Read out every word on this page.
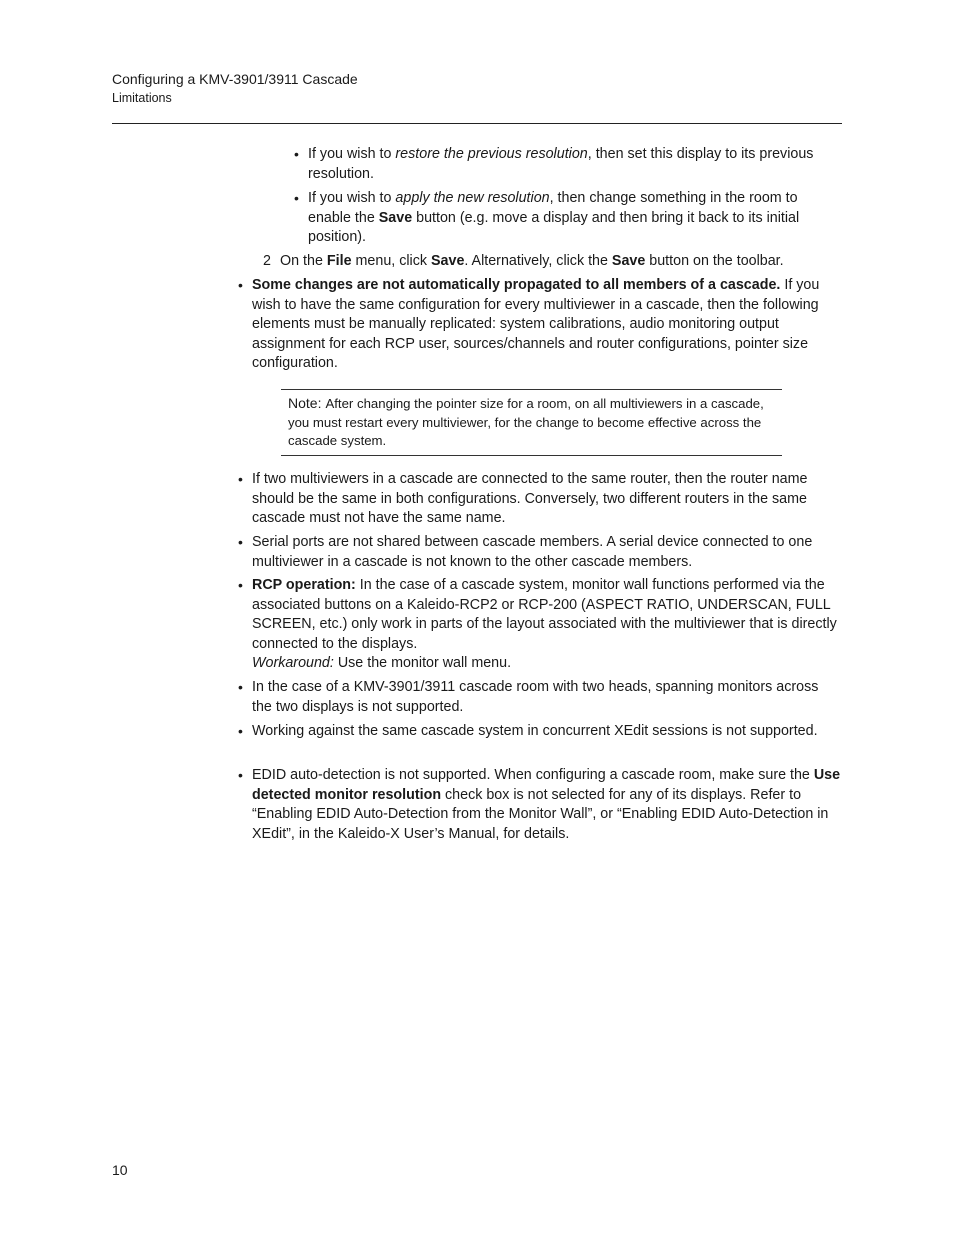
Configuring a KMV-3901/3911 Cascade
Limitations
• If you wish to restore the previous resolution, then set this display to its previous resolution.
• If you wish to apply the new resolution, then change something in the room to enable the Save button (e.g. move a display and then bring it back to its initial position).
2 On the File menu, click Save. Alternatively, click the Save button on the toolbar.
• Some changes are not automatically propagated to all members of a cascade. If you wish to have the same configuration for every multiviewer in a cascade, then the following elements must be manually replicated: system calibrations, audio monitoring output assignment for each RCP user, sources/channels and router configurations, pointer size configuration.
Note: After changing the pointer size for a room, on all multiviewers in a cascade, you must restart every multiviewer, for the change to become effective across the cascade system.
• If two multiviewers in a cascade are connected to the same router, then the router name should be the same in both configurations. Conversely, two different routers in the same cascade must not have the same name.
• Serial ports are not shared between cascade members. A serial device connected to one multiviewer in a cascade is not known to the other cascade members.
• RCP operation: In the case of a cascade system, monitor wall functions performed via the associated buttons on a Kaleido-RCP2 or RCP-200 (ASPECT RATIO, UNDERSCAN, FULL SCREEN, etc.) only work in parts of the layout associated with the multiviewer that is directly connected to the displays.
Workaround: Use the monitor wall menu.
• In the case of a KMV-3901/3911 cascade room with two heads, spanning monitors across the two displays is not supported.
• Working against the same cascade system in concurrent XEdit sessions is not supported.
• EDID auto-detection is not supported. When configuring a cascade room, make sure the Use detected monitor resolution check box is not selected for any of its displays. Refer to “Enabling EDID Auto-Detection from the Monitor Wall”, or “Enabling EDID Auto-Detection in XEdit”, in the Kaleido-X User’s Manual, for details.
10
